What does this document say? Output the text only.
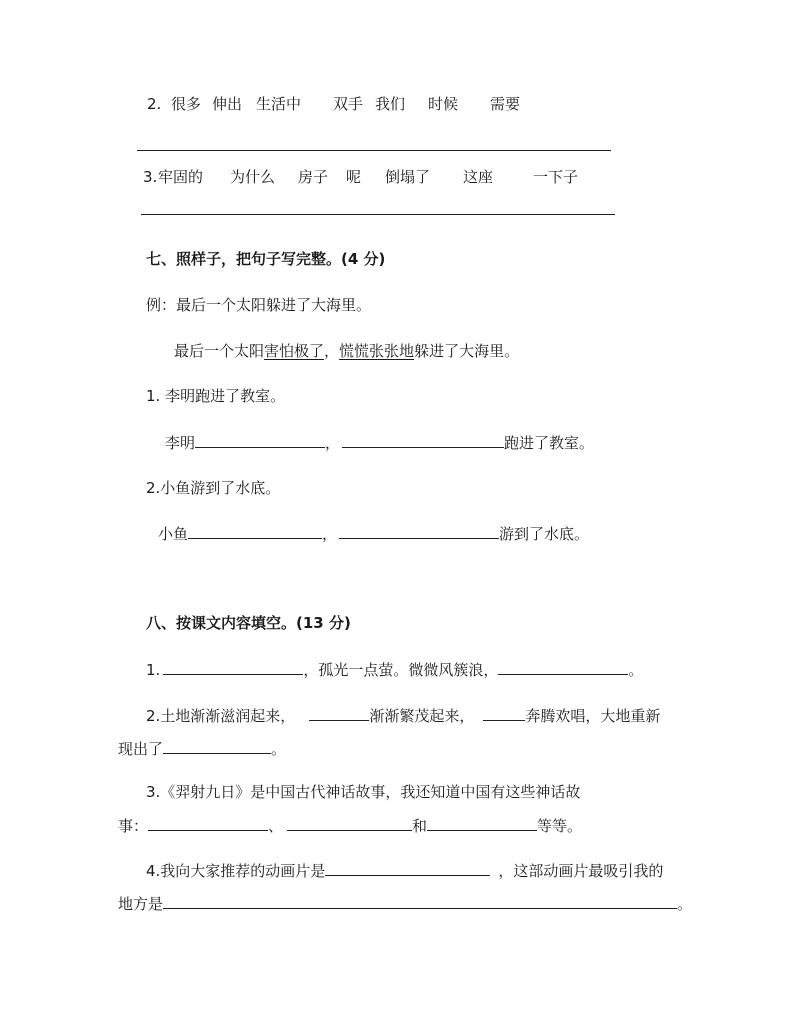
2. 很多 伸出 生活中 双手 我们 时候 需要
3. 牢固的 为什么 房子 呢 倒塌了 这座	一下子
七、照样子，把句子写完整。(4 分)
例：最后一个太阳躲进了大海里。
最后一个太阳害怕极了，慌慌张张地躲进了大海里。
1. 李明跑进了教室。
李明	，	跑进了教室。
2.小鱼游到了水底。
小鱼	，	游到了水底。
八、按课文内容填空。(13 分)
1.	，孤光一点萤。微微风簇浪，	。
2.土地渐渐滋润起来，	渐渐繁茂起来，	奔腾欢唱，大地重新
现出了	。
3.《羿射九日》是中国古代神话故事，我还知道中国有这些神话故
事：	、	和	等等。
4.我向大家推荐的动画片是	，这部动画片最吸引我的
地方是	。
